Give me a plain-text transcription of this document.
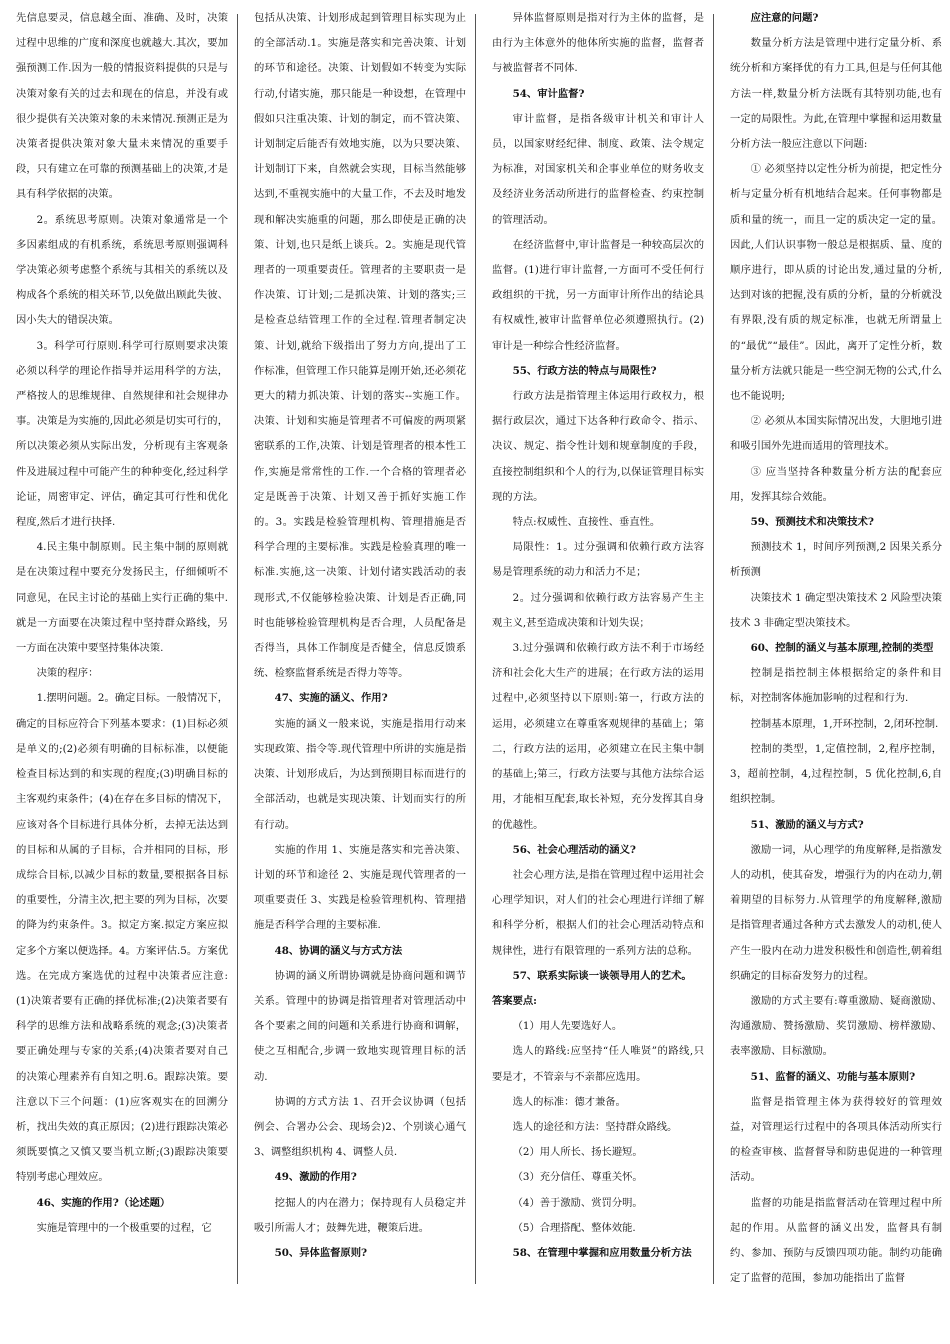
先信息要灵，信息越全面、准确、及时，决策过程中思维的广度和深度也就越大.其次，要加强预测工作.因为一般的情报资料提供的只是与决策对象有关的过去和现在的信息，并没有或很少提供有关决策对象的未来情况.预测正是为决策者提供决策对象大量未来情况的重要手段，只有建立在可靠的预测基础上的决策,才是具有科学依据的决策。

2。系统思考原则。决策对象通常是一个多因素组成的有机系统，系统思考原则强调科学决策必须考虑整个系统与其相关的系统以及构成各个系统的相关环节,以免做出顾此失彼、因小失大的错误决策。

3。科学可行原则.科学可行原则要求决策必须以科学的理论作指导并运用科学的方法，严格按人的思维规律、自然规律和社会规律办事。决策是为实施的,因此必须是切实可行的，所以决策必须从实际出发，分析现有主客观条件及进展过程中可能产生的种种变化,经过科学论证，周密审定、评估，确定其可行性和优化程度,然后才进行抉择.

4.民主集中制原则。民主集中制的原则就是在决策过程中要充分发扬民主，仔细倾听不同意见，在民主讨论的基础上实行正确的集中.就是一方面要在决策过程中坚持群众路线，另一方面在决策中要坚持集体决策.

决策的程序：

1.摆明问题。2。确定目标。一般情况下，确定的目标应符合下列基本要求：(1)目标必须是单义的;(2)必须有明确的目标标准，以便能检查目标达到的和实现的程度;(3)明确目标的主客观约束条件；(4)在存在多目标的情况下，应该对各个目标进行具体分析，去掉无法达到的目标和从属的子目标，合并相同的目标，形成综合目标,以减少目标的数量,要根据各目标的重要性，分清主次,把主要的列为目标，次要的降为约束条件。3。拟定方案.拟定方案应拟定多个方案以便选择。4。方案评估.5。方案优选。在完成方案选优的过程中决策者应注意:(1)决策者要有正确的择优标准;(2)决策者要有科学的思维方法和战略系统的观念;(3)决策者要正确处理与专家的关系;(4)决策者要对自己的决策心理素养有自知之明.6。跟踪决策。要注意以下三个问题：(1)应客观实在的回溯分析，找出失效的真正原因；(2)进行跟踪决策必须既要慎之又慎又要当机立断;(3)跟踪决策要特别考虑心理效应。

46、实施的作用?（论述题）

实施是管理中的一个极重要的过程，它

包括从决策、计划形成起到管理目标实现为止的全部活动.1。实施是落实和完善决策、计划的环节和途径。决策、计划假如不转变为实际行动,付诸实施，那只能是一种设想，在管理中假如只注重决策、计划的制定，而不管决策、计划制定后能否有效地实施，以为只要决策、计划制订下来，自然就会实现，目标当然能够达到,不重视实施中的大量工作，不去及时地发现和解决实施重的问题，那么即使是正确的决策、计划,也只是纸上谈兵。2。实施是现代管理者的一项重要责任。管理者的主要职责一是作决策、订计划;二是抓决策、计划的落实;三是检查总结管理工作的全过程.管理者制定决策、计划,就给下级指出了努力方向,提出了工作标准，但管理工作只能算是刚开始,还必须花更大的精力抓决策、计划的落实--实施工作。决策、计划和实施是管理者不可偏废的两项紧密联系的工作,决策、计划是管理者的根本性工作,实施是常常性的工作.一个合格的管理者必定是既善于决策、计划又善于抓好实施工作的。3。实践是检验管理机构、管理措施是否科学合理的主要标准。实践是检验真理的唯一标准.实施,这一决策、计划付诸实践活动的表现形式,不仅能够检验决策、计划是否正确,同时也能够检验管理机构是否合理，人员配备是否得当，具体工作制度是否健全，信息反馈系统、检察监督系统是否得力等等。

47、实施的涵义、作用?

实施的涵义一般来说，实施是指用行动来实现政策、指令等.现代管理中所讲的实施是指决策、计划形成后，为达到预期目标而进行的全部活动，也就是实现决策、计划而实行的所有行动。

实施的作用 1、实施是落实和完善决策、计划的环节和途径 2、实施是现代管理者的一项重要责任 3、实践是检验管理机构、管理措施是否科学合理的主要标准.

48、协调的涵义与方式方法

协调的涵义所谓协调就是协商问题和调节关系。管理中的协调是指管理者对管理活动中各个要素之间的问题和关系进行协商和调解，使之互相配合,步调一致地实现管理目标的活动.

协调的方式方法 1、召开会议协调（包括例会、合署办公会、现场会)2、个别谈心通气 3、调整组织机构 4、调整人员.

49、激励的作用?

挖掘人的内在潜力；保持现有人员稳定并吸引所需人才；鼓舞先进，鞭策后进。

50、异体监督原则?

异体监督原则是指对行为主体的监督，是由行为主体意外的他体所实施的监督，监督者与被监督者不同体.

54、审计监督?

审计监督，是指各级审计机关和审计人员，以国家财经纪律、制度、政策、法令规定为标准，对国家机关和企事业单位的财务收支及经济业务活动所进行的监督检查、约束控制的管理活动。

在经济监督中,审计监督是一种较高层次的监督。(1)进行审计监督,一方面可不受任何行政组织的干扰，另一方面审计所作出的结论具有权威性,被审计监督单位必须遵照执行。(2)审计是一种综合性经济监督。

55、行政方法的特点与局限性?

行政方法是指管理主体运用行政权力，根据行政层次，通过下达各种行政命令、指示、决议、规定、指令性计划和规章制度的手段，直接控制组织和个人的行为,以保证管理目标实现的方法。

特点:权威性、直接性、垂直性。

局限性：1。过分强调和依赖行政方法容易是管理系统的动力和活力不足；

2。过分强调和依赖行政方法容易产生主观主义,甚至造成决策和计划失误；

3.过分强调和依赖行政方法不利于市场经济和社会化大生产的进展；在行政方法的运用过程中,必须坚持以下原则:第一，行政方法的运用，必须建立在尊重客观规律的基础上；第二，行政方法的运用，必须建立在民主集中制的基础上;第三，行政方法要与其他方法综合运用，才能相互配套,取长补短，充分发挥其自身的优越性。

56、社会心理活动的涵义?

社会心理方法,是指在管理过程中运用社会心理学知识，对人们的社会心理进行详细了解和科学分析，根据人们的社会心理活动特点和规律性，进行有限管理的一系列方法的总称。

57、联系实际谈一谈领导用人的艺术。

答案要点:

（1）用人先要选好人。

选人的路线:应坚持“任人唯贤”的路线,只要是才，不管亲与不亲都应选用。

选人的标准：德才兼备。

选人的途径和方法：坚持群众路线。

（2）用人所长、扬长避短。

（3）充分信任、尊重关怀。

（4）善于激励、赏罚分明。

（5）合理搭配、整体效能.

58、在管理中掌握和应用数量分析方法

应注意的问题?

数量分析方法是管理中进行定量分析、系统分析和方案择优的有力工具,但是与任何其他方法一样,数量分析方法既有其特别功能,也有一定的局限性。为此,在管理中掌握和运用数量分析方法一般应注意以下问题:

① 必须坚持以定性分析为前提，把定性分析与定量分析有机地结合起来。任何事物都是质和量的统一，而且一定的质决定一定的量。因此,人们认识事物一般总是根据质、量、度的顺序进行，即从质的讨论出发,通过量的分析,达到对该的把握,没有质的分析，量的分析就没有界限,没有质的规定标准，也就无所谓量上的“最优”“最佳”。因此，离开了定性分析，数量分析方法就只能是一些空洞无物的公式,什么也不能说明;

② 必须从本国实际情况出发，大胆地引进和吸引国外先进而适用的管理技术。

③ 应当坚持各种数量分析方法的配套应用，发挥其综合效能。

59、预测技术和决策技术?

预测技术 1，时间序列预测,2 因果关系分析预测

决策技术 1 确定型决策技术 2 风险型决策技术 3 非确定型决策技术。

60、控制的涵义与基本原理,控制的类型

控制是指控制主体根据给定的条件和目标，对控制客体施加影响的过程和行为.

控制基本原理，1,开环控制，2,闭环控制.

控制的类型，1,定值控制，2,程序控制，3，超前控制，4,过程控制，5 优化控制,6,自组织控制。

51、激励的涵义与方式?

激励一词，从心理学的角度解释,是指激发人的动机，使其奋发，增强行为的内在动力,朝着期望的目标努力.从管理学的角度解释,激励是指管理者通过各种方式去激发人的动机,使人产生一股内在动力进发积极性和创造性,朝着组织确定的目标奋发努力的过程。

激励的方式主要有:尊重激励、疑商激励、沟通激励、赞扬激励、奖罚激励、榜样激励、表率激励、目标激励。

51、监督的涵义、功能与基本原则?

监督是指管理主体为获得较好的管理效益，对管理运行过程中的各项具体活动所实行的检查审核、监督督导和防患促进的一种管理活动。

监督的功能是指监督活动在管理过程中所起的作用。从监督的涵义出发，监督具有制约、参加、预防与反馈四项功能。制约功能确定了监督的范围，参加功能指出了监督
